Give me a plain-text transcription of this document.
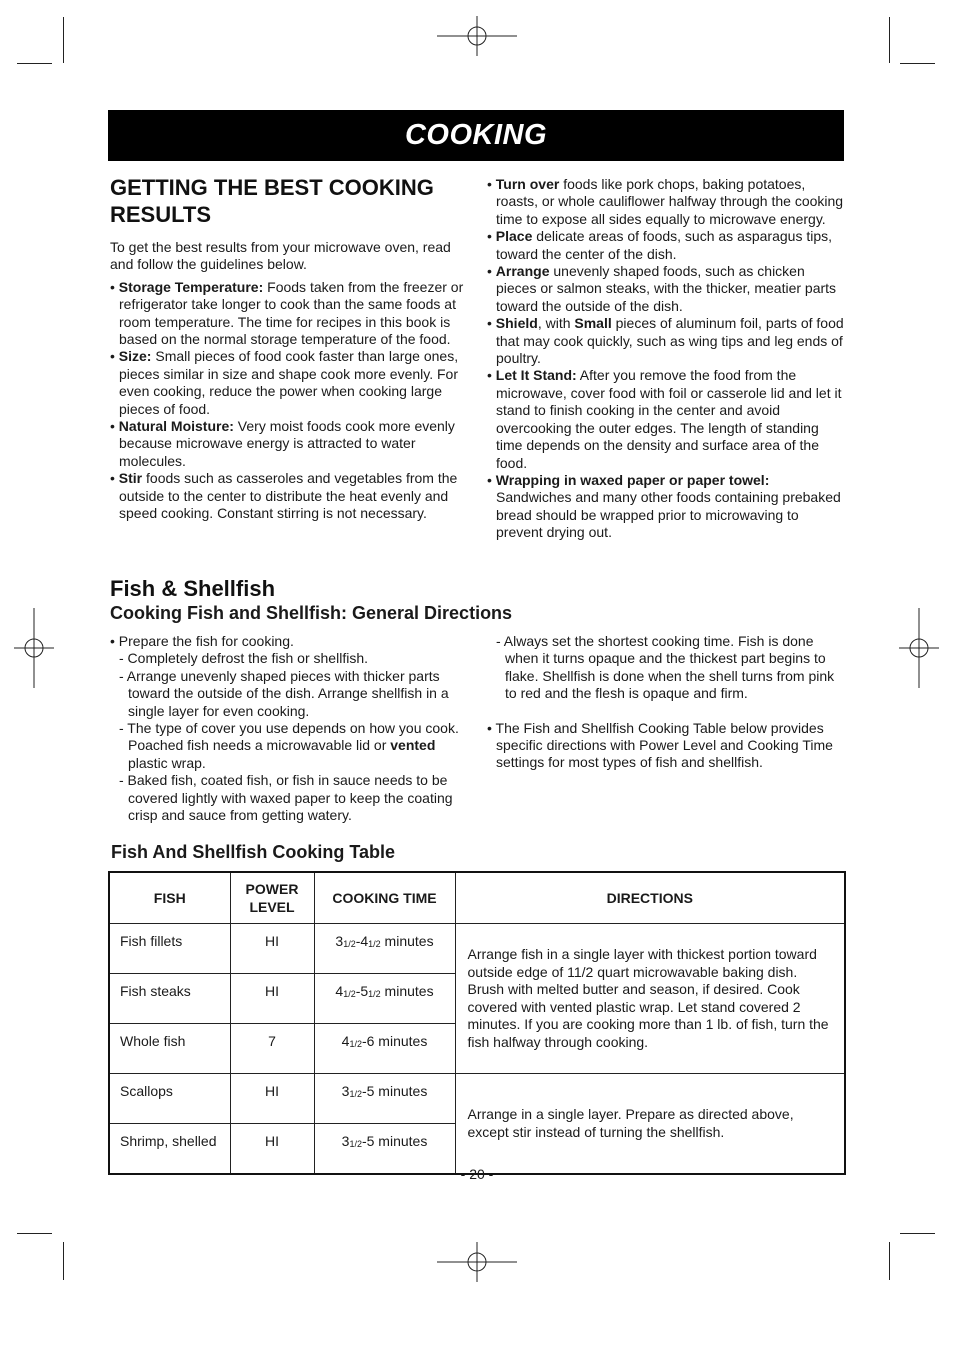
COOKING
GETTING THE BEST COOKING
RESULTS

To get the best results from your microwave oven, read and follow the guidelines below.

• Storage Temperature: Foods taken from the freezer or refrigerator take longer to cook than the same foods at room temperature. The time for recipes in this book is based on the normal storage temperature of the food.

• Size: Small pieces of food cook faster than large ones, pieces similar in size and shape cook more evenly. For even cooking, reduce the power when cooking large pieces of food.

• Natural Moisture: Very moist foods cook more evenly because microwave energy is attracted to water molecules.

• Stir foods such as casseroles and vegetables from the outside to the center to distribute the heat evenly and speed cooking. Constant stirring is not necessary.

• Turn over foods like pork chops, baking potatoes, roasts, or whole cauliflower halfway through the cooking time to expose all sides equally to microwave energy.

• Place delicate areas of foods, such as asparagus tips, toward the center of the dish.

• Arrange unevenly shaped foods, such as chicken pieces or salmon steaks, with the thicker, meatier parts toward the outside of the dish.

• Shield, with Small pieces of aluminum foil, parts of food that may cook quickly, such as wing tips and leg ends of poultry.

• Let It Stand: After you remove the food from the microwave, cover food with foil or casserole lid and let it stand to finish cooking in the center and avoid overcooking the outer edges. The length of standing time depends on the density and surface area of the food.

• Wrapping in waxed paper or paper towel:
Sandwiches and many other foods containing prebaked bread should be wrapped prior to microwaving to prevent drying out.

Fish & Shellfish
Cooking Fish and Shellfish: General Directions

• Prepare the fish for cooking.

- Completely defrost the fish or shellfish.

- Arrange unevenly shaped pieces with thicker parts toward the outside of the dish. Arrange shellfish in a single layer for even cooking.

- The type of cover you use depends on how you cook. Poached fish needs a microwavable lid or vented plastic wrap.

- Baked fish, coated fish, or fish in sauce needs to be covered lightly with waxed paper to keep the coating crisp and sauce from getting watery.

- Always set the shortest cooking time. Fish is done when it turns opaque and the thickest part begins to flake. Shellfish is done when the shell turns from pink to red and the flesh is opaque and firm.

• The Fish and Shellfish Cooking Table below provides specific directions with Power Level and Cooking Time settings for most types of fish and shellfish.

Fish And Shellfish Cooking Table
FISH	POWER LEVEL	COOKING TIME	DIRECTIONS
Fish fillets	HI	$3_{1/2}-4_{1/2}$ minutes	Arrange fish in a single layer with thickest portion toward outside edge of 11/2 quart microwavable baking dish. Brush with melted butter and season, if desired. Cook covered with vented plastic wrap. Let stand covered 2 minutes. If you are cooking more than 1 lb. of fish, turn the fish halfway through cooking.
Fish steaks	HI	$4_{1/2}-5_{1/2}$ minutes	
Whole fish	7	$4_{1/2}-6$ minutes	
Scallops	HI	$3_{1/2}-5$ minutes	Arrange in a single layer. Prepare as directed above, except stir instead of turning the shellfish.
Shrimp, shelled	HI	$3_{1/2}-5$ minutes	
- 20 -
